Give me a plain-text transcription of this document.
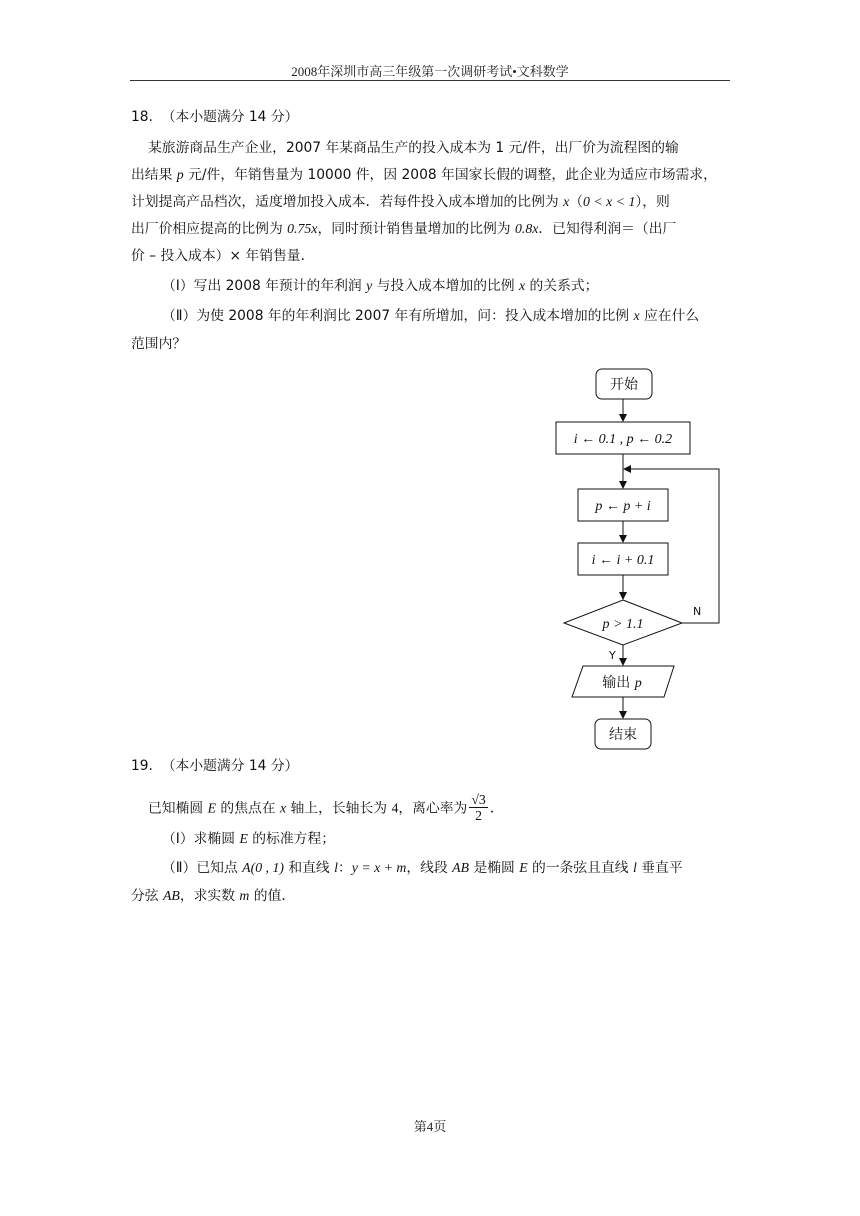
2008年深圳市高三年级第一次调研考试•文科数学
18. （本小题满分 14 分）
某旅游商品生产企业，2007 年某商品生产的投入成本为 1 元/件，出厂价为流程图的输
出结果 p 元/件，年销售量为 10000 件，因 2008 年国家长假的调整，此企业为适应市场需求，
计划提高产品档次，适度增加投入成本．若每件投入成本增加的比例为 x（0 < x < 1），则
出厂价相应提高的比例为 0.75x，同时预计销售量增加的比例为 0.8x．已知得利润＝（出厂
价 – 投入成本）× 年销售量．
（Ⅰ）写出 2008 年预计的年利润 y 与投入成本增加的比例 x 的关系式；
（Ⅱ）为使 2008 年的年利润比 2007 年有所增加，问：投入成本增加的比例 x 应在什么
范围内？
开始
i ← 0.1 , p ← 0.2
p ← p + i
i ← i + 0.1
p > 1.1
N
Y
输出 p
结束
19. （本小题满分 14 分）
已知椭圆 E 的焦点在 x 轴上，长轴长为 4，离心率为 $\frac{√3}{2}$ ．
（Ⅰ）求椭圆 E 的标准方程；
（Ⅱ）已知点 A(0 , 1) 和直线 l：y = x + m，线段 AB 是椭圆 E 的一条弦且直线 l 垂直平
分弦 AB，求实数 m 的值．
第4页
